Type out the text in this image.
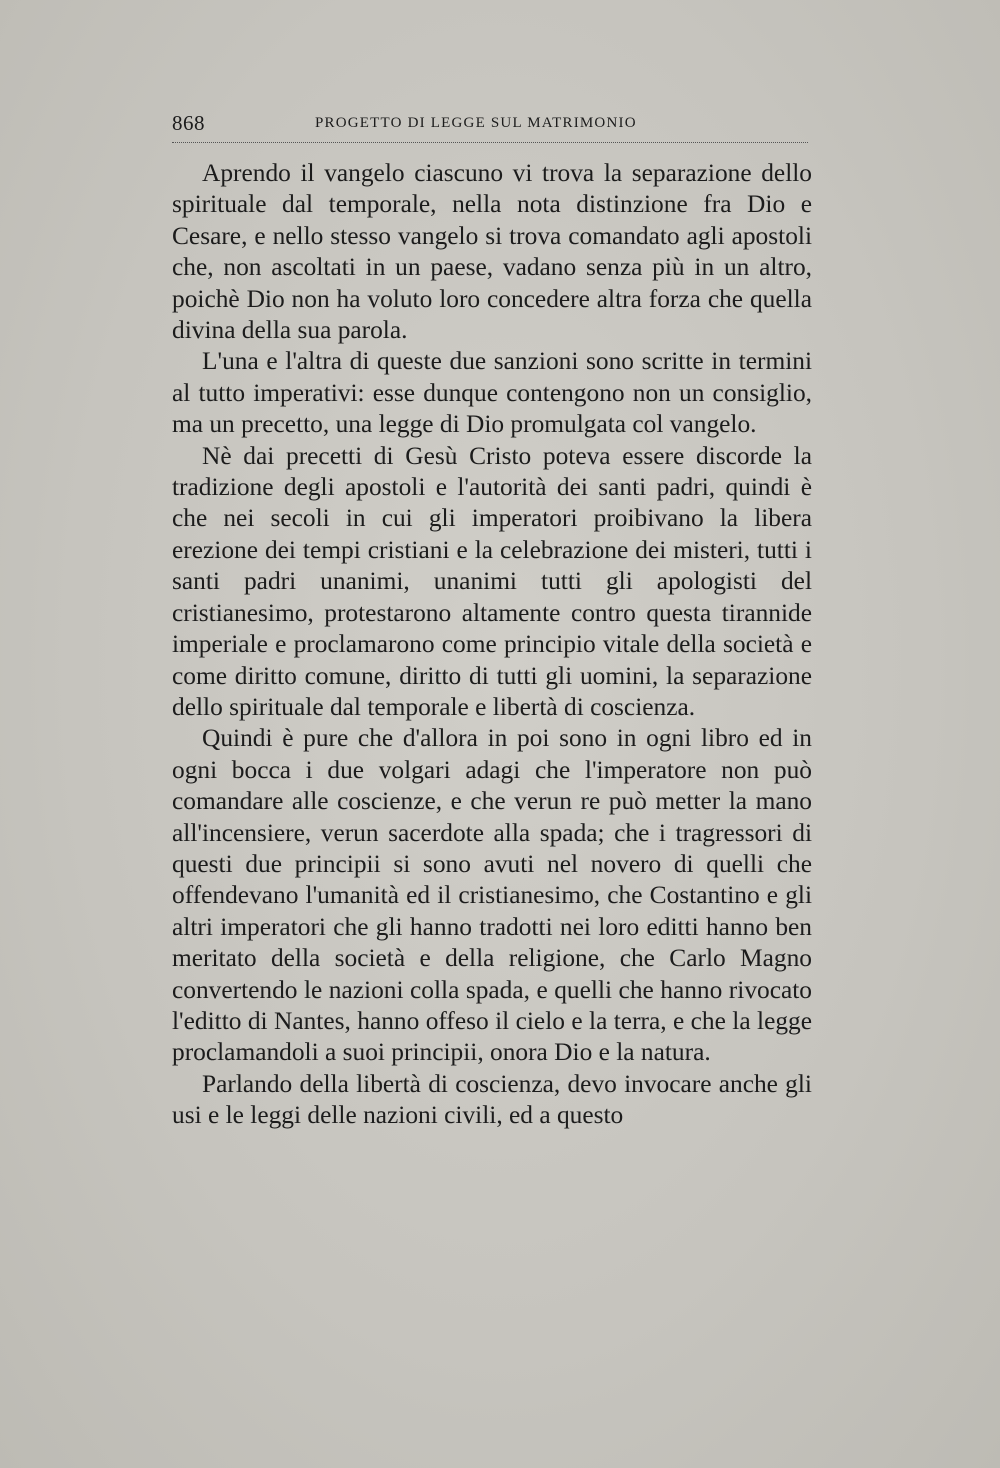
868	PROGETTO DI LEGGE SUL MATRIMONIO

Aprendo il vangelo ciascuno vi trova la separazione dello spirituale dal temporale, nella nota distinzione fra Dio e Cesare, e nello stesso vangelo si trova comandato agli apostoli che, non ascoltati in un paese, vadano senza più in un altro, poichè Dio non ha voluto loro concedere altra forza che quella divina della sua parola.

L'una e l'altra di queste due sanzioni sono scritte in termini al tutto imperativi: esse dunque contengono non un consiglio, ma un precetto, una legge di Dio promulgata col vangelo.

Nè dai precetti di Gesù Cristo poteva essere discorde la tradizione degli apostoli e l'autorità dei santi padri, quindi è che nei secoli in cui gli imperatori proibivano la libera erezione dei tempi cristiani e la celebrazione dei misteri, tutti i santi padri unanimi, unanimi tutti gli apologisti del cristianesimo, protestarono altamente contro questa tirannide imperiale e proclamarono come principio vitale della società e come diritto comune, diritto di tutti gli uomini, la separazione dello spirituale dal temporale e libertà di coscienza.

Quindi è pure che d'allora in poi sono in ogni libro ed in ogni bocca i due volgari adagi che l'imperatore non può comandare alle coscienze, e che verun re può metter la mano all'incensiere, verun sacerdote alla spada; che i tragressori di questi due principii si sono avuti nel novero di quelli che offendevano l'umanità ed il cristianesimo, che Costantino e gli altri imperatori che gli hanno tradotti nei loro editti hanno ben meritato della società e della religione, che Carlo Magno convertendo le nazioni colla spada, e quelli che hanno rivocato l'editto di Nantes, hanno offeso il cielo e la terra, e che la legge proclamandoli a suoi principii, onora Dio e la natura.

Parlando della libertà di coscienza, devo invocare anche gli usi e le leggi delle nazioni civili, ed a questo
